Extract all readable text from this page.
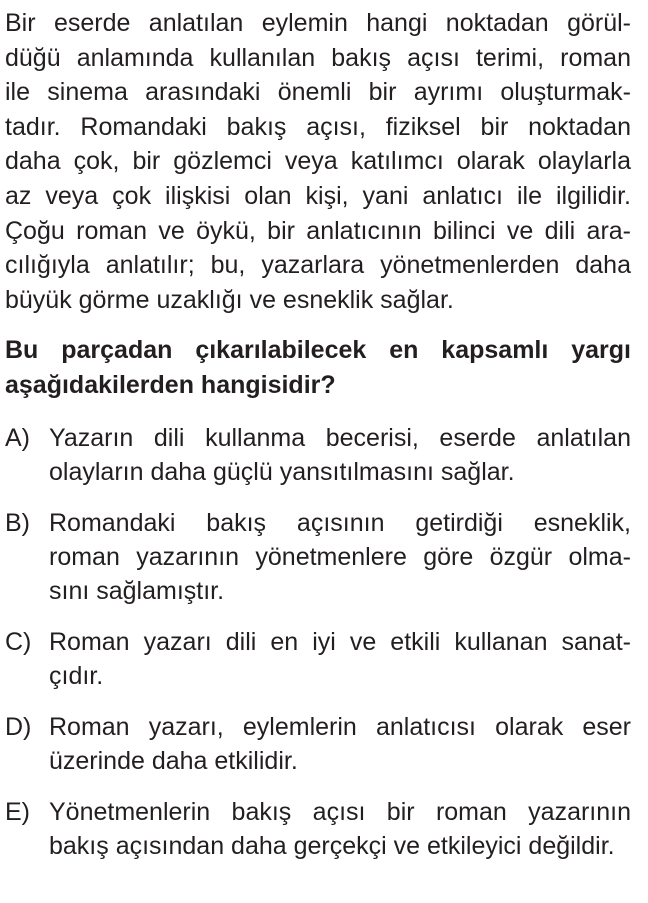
Bir eserde anlatılan eylemin hangi noktadan görül-
düğü anlamında kullanılan bakış açısı terimi, roman
ile sinema arasındaki önemli bir ayrımı oluşturmak-
tadır. Romandaki bakış açısı, fiziksel bir noktadan
daha çok, bir gözlemci veya katılımcı olarak olaylarla
az veya çok ilişkisi olan kişi, yani anlatıcı ile ilgilidir.
Çoğu roman ve öykü, bir anlatıcının bilinci ve dili ara-
cılığıyla anlatılır; bu, yazarlara yönetmenlerden daha
büyük görme uzaklığı ve esneklik sağlar.

Bu parçadan çıkarılabilecek en kapsamlı yargı
aşağıdakilerden hangisidir?

A) Yazarın dili kullanma becerisi, eserde anlatılan
olayların daha güçlü yansıtılmasını sağlar.
B) Romandaki bakış açısının getirdiği esneklik,
roman yazarının yönetmenlere göre özgür olma-
sını sağlamıştır.
C) Roman yazarı dili en iyi ve etkili kullanan sanat-
çıdır.
D) Roman yazarı, eylemlerin anlatıcısı olarak eser
üzerinde daha etkilidir.
E) Yönetmenlerin bakış açısı bir roman yazarının
bakış açısından daha gerçekçi ve etkileyici değildir.
